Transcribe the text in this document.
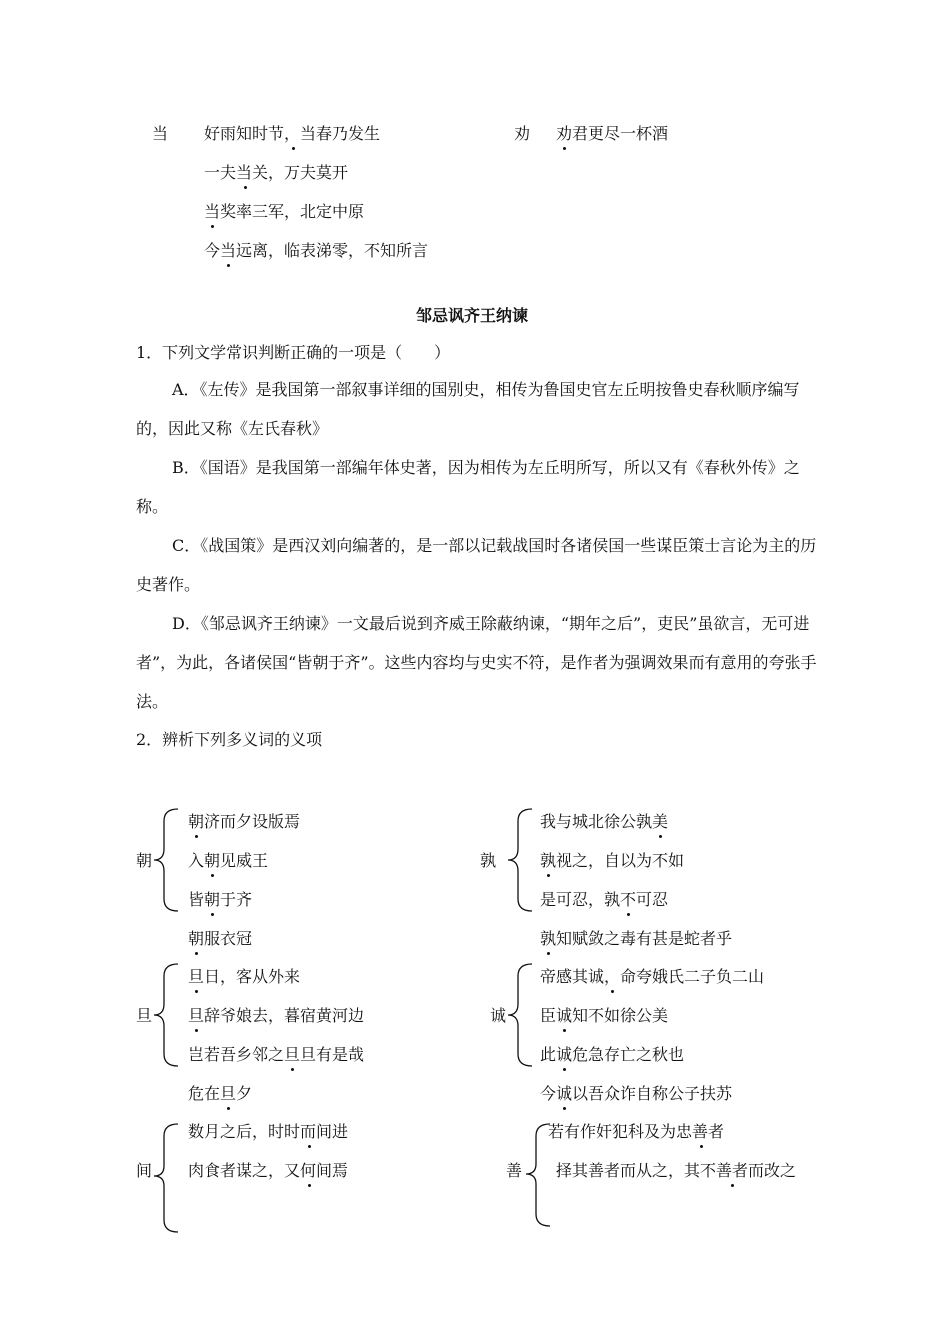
当 好雨知时节，当春乃发生
一夫当关，万夫莫开
当奖率三军，北定中原
今当远离，临表涕零，不知所言
劝 劝君更尽一杯酒
邹忌讽齐王纳谏
1．下列文学常识判断正确的一项是（　　）
A．《左传》是我国第一部叙事详细的国别史，相传为鲁国史官左丘明按鲁史春秋顺序编写的，因此又称《左氏春秋》
B．《国语》是我国第一部编年体史著，因为相传为左丘明所写，所以又有《春秋外传》之称。
C．《战国策》是西汉刘向编著的，是一部以记载战国时各诸侯国一些谋臣策士言论为主的历史著作。
D．《邹忌讽齐王纳谏》一文最后说到齐威王除蔽纳谏，“期年之后”，吏民”虽欲言，无可进者”，为此，各诸侯国“皆朝于齐”。这些内容均与史实不符，是作者为强调效果而有意用的夸张手法。
2．辨析下列多义词的义项
朝
朝济而夕设版焉
入朝见威王
皆朝于齐
朝服衣冠
孰
我与城北徐公孰美
孰视之，自以为不如
是可忍，孰不可忍
孰知赋敛之毒有甚是蛇者乎
旦
旦日，客从外来
旦辞爷娘去，暮宿黄河边
岂若吾乡邻之旦旦有是哉
危在旦夕
诚
帝感其诚，命夸娥氏二子负二山
臣诚知不如徐公美
此诚危急存亡之秋也
今诚以吾众诈自称公子扶苏
间
数月之后，时时而间进
肉食者谋之，又何间焉	善
若有作奸犯科及为忠善者
择其善者而从之，其不善者而改之
